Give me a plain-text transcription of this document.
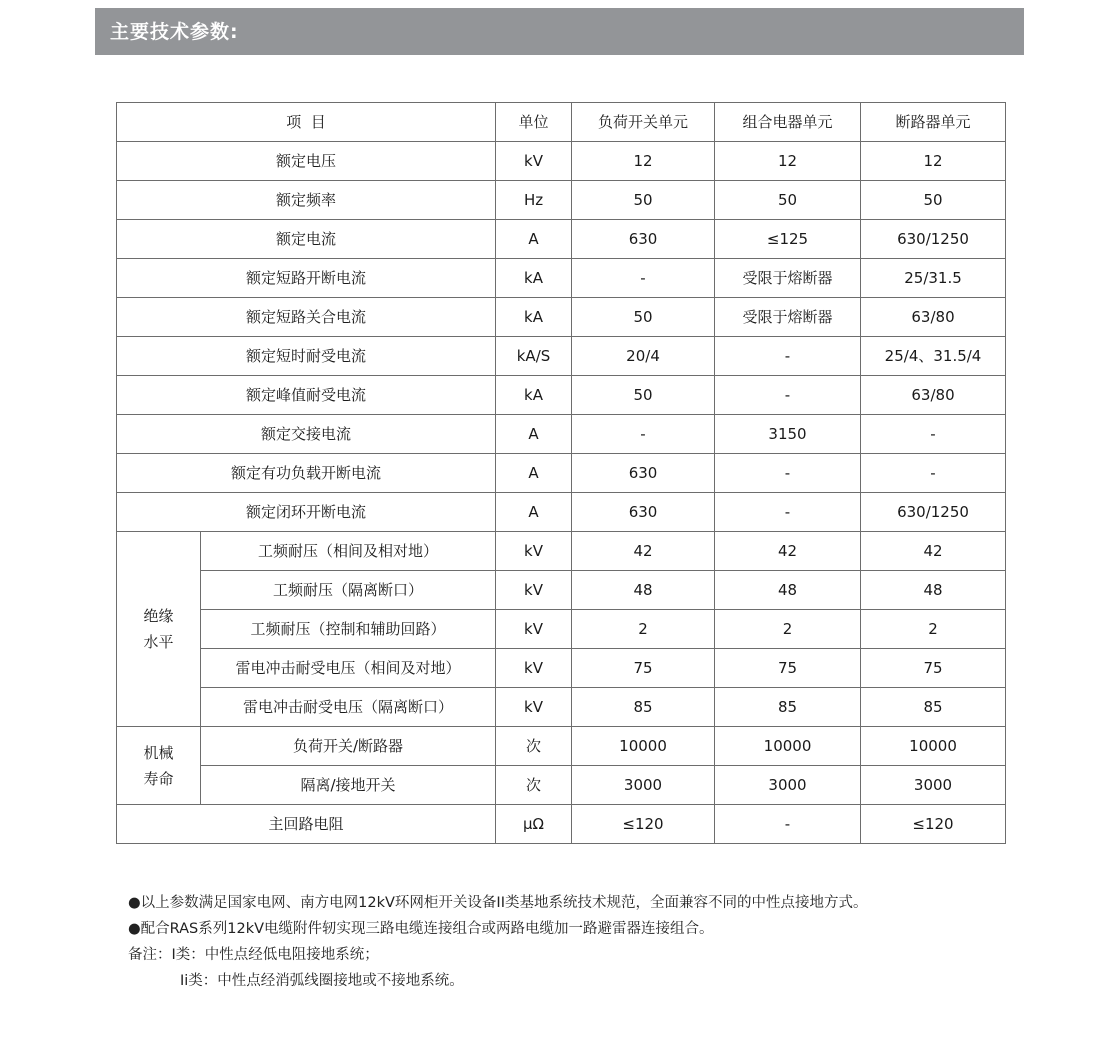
主要技术参数:
项  目		单位	负荷开关单元	组合电器单元	断路器单元
额定电压		kV	12	12	12
额定频率		Hz	50	50	50
额定电流		A	630	≤125	630/1250
额定短路开断电流		kA	-	受限于熔断器	25/31.5
额定短路关合电流		kA	50	受限于熔断器	63/80
额定短时耐受电流		kA/S	20/4	-	25/4、31.5/4
额定峰值耐受电流		kA	50	-	63/80
额定交接电流		A	-	3150	-
额定有功负载开断电流		A	630	-	-
额定闭环开断电流		A	630	-	630/1250

绝缘
水平	工频耐压（相间及相对地）	kV	42	42	42
	工频耐压（隔离断口）	kV	48	48	48
	工频耐压（控制和辅助回路）	kV	2	2	2
	雷电冲击耐受电压（相间及对地）	kV	75	75	75
	雷电冲击耐受电压（隔离断口）	kV	85	85	85

机械
寿命	负荷开关/断路器	次	10000	10000	10000
	隔离/接地开关	次	3000	3000	3000
主回路电阻		μΩ	≤120	-	≤120
●以上参数满足国家电网、南方电网12kV环网柜开关设备II类基地系统技术规范，全面兼容不同的中性点接地方式。
●配合RAS系列12kV电缆附件轫实现三路电缆连接组合或两路电缆加一路避雷器连接组合。
备注：I类：中性点经低电阻接地系统；
Ii类：中性点经消弧线圈接地或不接地系统。
